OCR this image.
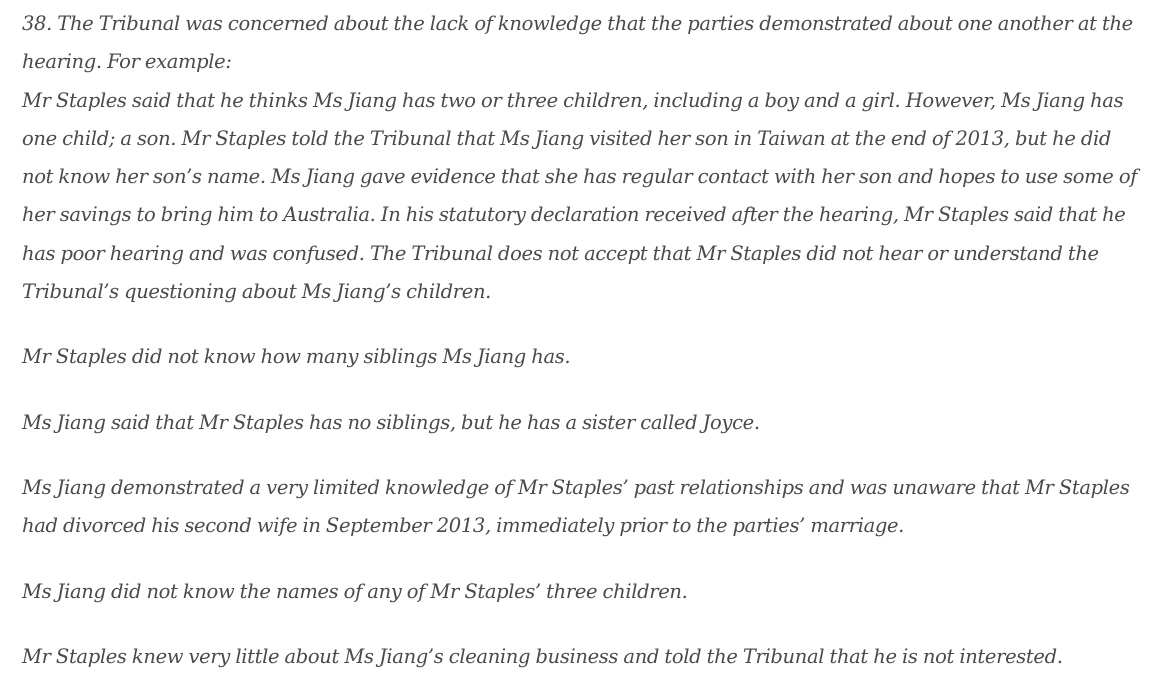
38. The Tribunal was concerned about the lack of knowledge that the parties demonstrated about one another at the hearing. For example:

Mr Staples said that he thinks Ms Jiang has two or three children, including a boy and a girl. However, Ms Jiang has one child; a son. Mr Staples told the Tribunal that Ms Jiang visited her son in Taiwan at the end of 2013, but he did not know her son’s name. Ms Jiang gave evidence that she has regular contact with her son and hopes to use some of her savings to bring him to Australia. In his statutory declaration received after the hearing, Mr Staples said that he has poor hearing and was confused. The Tribunal does not accept that Mr Staples did not hear or understand the Tribunal’s questioning about Ms Jiang’s children.

Mr Staples did not know how many siblings Ms Jiang has.

Ms Jiang said that Mr Staples has no siblings, but he has a sister called Joyce.

Ms Jiang demonstrated a very limited knowledge of Mr Staples’ past relationships and was unaware that Mr Staples had divorced his second wife in September 2013, immediately prior to the parties’ marriage.

Ms Jiang did not know the names of any of Mr Staples’ three children.

Mr Staples knew very little about Ms Jiang’s cleaning business and told the Tribunal that he is not interested.
